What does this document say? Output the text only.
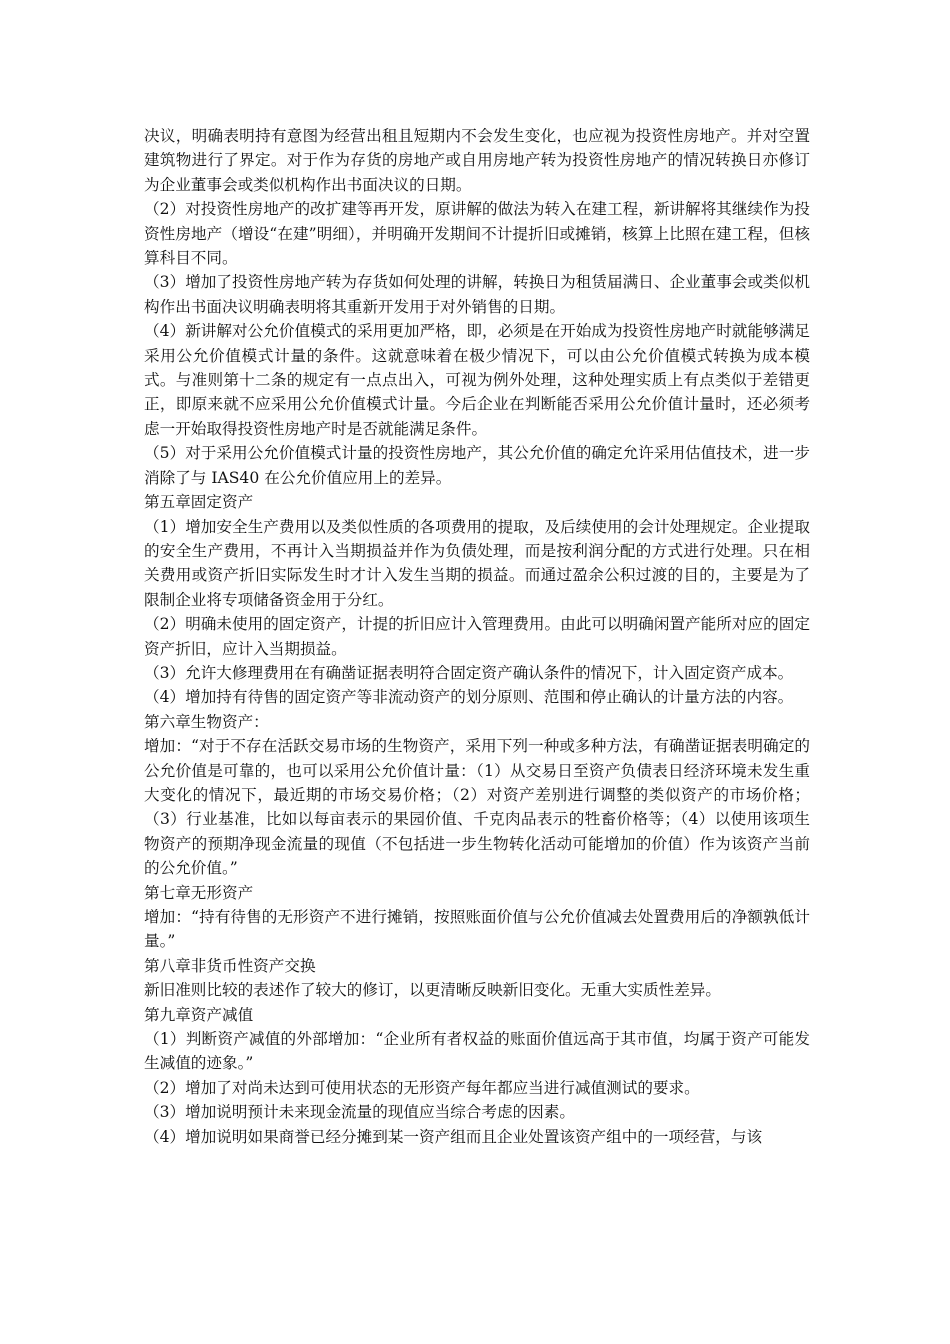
决议，明确表明持有意图为经营出租且短期内不会发生变化，也应视为投资性房地产。并对空置建筑物进行了界定。对于作为存货的房地产或自用房地产转为投资性房地产的情况转换日亦修订为企业董事会或类似机构作出书面决议的日期。

（2）对投资性房地产的改扩建等再开发，原讲解的做法为转入在建工程，新讲解将其继续作为投资性房地产（增设“在建”明细），并明确开发期间不计提折旧或摊销，核算上比照在建工程，但核算科目不同。

（3）增加了投资性房地产转为存货如何处理的讲解，转换日为租赁届满日、企业董事会或类似机构作出书面决议明确表明将其重新开发用于对外销售的日期。

（4）新讲解对公允价值模式的采用更加严格，即，必须是在开始成为投资性房地产时就能够满足采用公允价值模式计量的条件。这就意味着在极少情况下，可以由公允价值模式转换为成本模式。与准则第十二条的规定有一点点出入，可视为例外处理，这种处理实质上有点类似于差错更正，即原来就不应采用公允价值模式计量。今后企业在判断能否采用公允价值计量时，还必须考虑一开始取得投资性房地产时是否就能满足条件。

（5）对于采用公允价值模式计量的投资性房地产，其公允价值的确定允许采用估值技术，进一步消除了与 IAS40 在公允价值应用上的差异。

第五章固定资产

（1）增加安全生产费用以及类似性质的各项费用的提取，及后续使用的会计处理规定。企业提取的安全生产费用，不再计入当期损益并作为负债处理，而是按利润分配的方式进行处理。只在相关费用或资产折旧实际发生时才计入发生当期的损益。而通过盈余公积过渡的目的，主要是为了限制企业将专项储备资金用于分红。

（2）明确未使用的固定资产，计提的折旧应计入管理费用。由此可以明确闲置产能所对应的固定资产折旧，应计入当期损益。

（3）允许大修理费用在有确凿证据表明符合固定资产确认条件的情况下，计入固定资产成本。

（4）增加持有待售的固定资产等非流动资产的划分原则、范围和停止确认的计量方法的内容。

第六章生物资产：

增加：“对于不存在活跃交易市场的生物资产，采用下列一种或多种方法，有确凿证据表明确定的公允价值是可靠的，也可以采用公允价值计量：（1）从交易日至资产负债表日经济环境未发生重大变化的情况下，最近期的市场交易价格；（2）对资产差别进行调整的类似资产的市场价格；（3）行业基准，比如以每亩表示的果园价值、千克肉品表示的牲畜价格等；（4）以使用该项生物资产的预期净现金流量的现值（不包括进一步生物转化活动可能增加的价值）作为该资产当前的公允价值。”

第七章无形资产

增加：“持有待售的无形资产不进行摊销，按照账面价值与公允价值减去处置费用后的净额孰低计量。”

第八章非货币性资产交换

新旧准则比较的表述作了较大的修订，以更清晰反映新旧变化。无重大实质性差异。

第九章资产减值

（1）判断资产减值的外部增加：“企业所有者权益的账面价值远高于其市值，均属于资产可能发生减值的迹象。”

（2）增加了对尚未达到可使用状态的无形资产每年都应当进行减值测试的要求。

（3）增加说明预计未来现金流量的现值应当综合考虑的因素。

（4）增加说明如果商誉已经分摊到某一资产组而且企业处置该资产组中的一项经营，与该
